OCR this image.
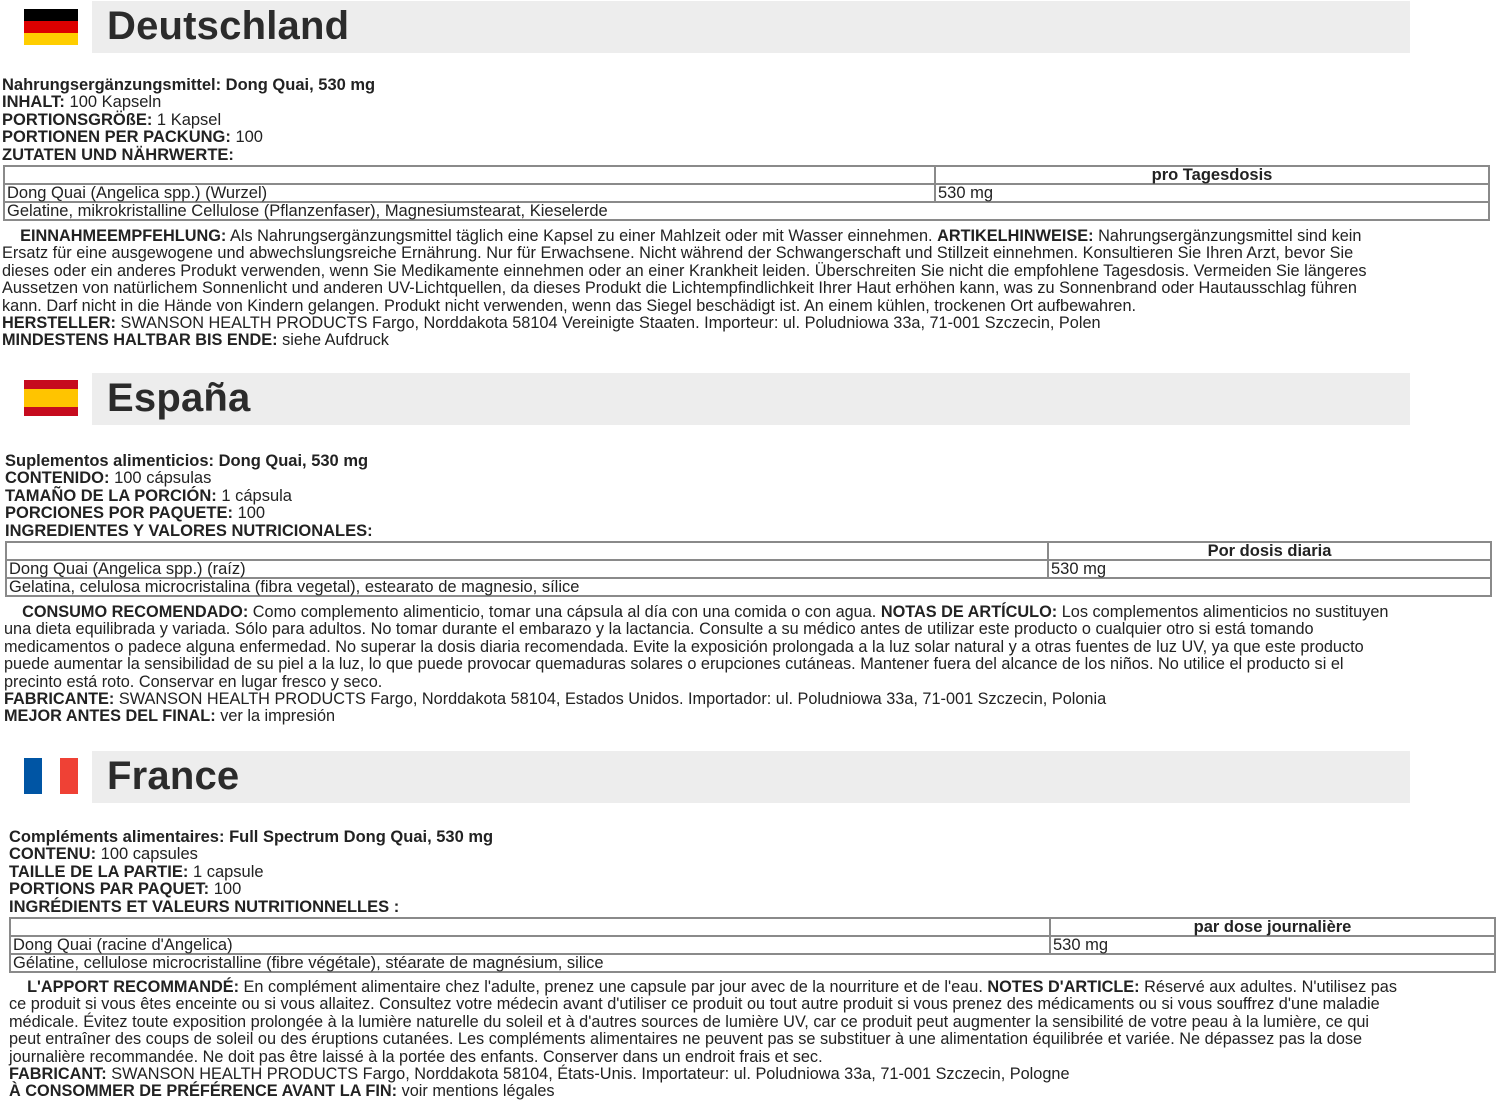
Deutschland
Nahrungsergänzungsmittel: Dong Quai, 530 mg
INHALT: 100 Kapseln
PORTIONSGRÖßE: 1 Kapsel
PORTIONEN PER PACKUNG: 100
ZUTATEN UND NÄHRWERTE:
	pro Tagesdosis
Dong Quai (Angelica spp.) (Wurzel)	530 mg
Gelatine, mikrokristalline Cellulose (Pflanzenfaser), Magnesiumstearat, Kieselerde	
EINNAHMEEMPFEHLUNG: Als Nahrungsergänzungsmittel täglich eine Kapsel zu einer Mahlzeit oder mit Wasser einnehmen. ARTIKELHINWEISE: Nahrungsergänzungsmittel sind kein
Ersatz für eine ausgewogene und abwechslungsreiche Ernährung. Nur für Erwachsene. Nicht während der Schwangerschaft und Stillzeit einnehmen. Konsultieren Sie Ihren Arzt, bevor Sie
dieses oder ein anderes Produkt verwenden, wenn Sie Medikamente einnehmen oder an einer Krankheit leiden. Überschreiten Sie nicht die empfohlene Tagesdosis. Vermeiden Sie längeres
Aussetzen von natürlichem Sonnenlicht und anderen UV-Lichtquellen, da dieses Produkt die Lichtempfindlichkeit Ihrer Haut erhöhen kann, was zu Sonnenbrand oder Hautausschlag führen
kann. Darf nicht in die Hände von Kindern gelangen. Produkt nicht verwenden, wenn das Siegel beschädigt ist. An einem kühlen, trockenen Ort aufbewahren.
HERSTELLER: SWANSON HEALTH PRODUCTS Fargo, Norddakota 58104 Vereinigte Staaten. Importeur: ul. Poludniowa 33a, 71-001 Szczecin, Polen
MINDESTENS HALTBAR BIS ENDE: siehe Aufdruck
España
Suplementos alimenticios: Dong Quai, 530 mg
CONTENIDO: 100 cápsulas
TAMAÑO DE LA PORCIÓN: 1 cápsula
PORCIONES POR PAQUETE: 100
INGREDIENTES Y VALORES NUTRICIONALES:
	Por dosis diaria
Dong Quai (Angelica spp.) (raíz)	530 mg
Gelatina, celulosa microcristalina (fibra vegetal), estearato de magnesio, sílice	
CONSUMO RECOMENDADO: Como complemento alimenticio, tomar una cápsula al día con una comida o con agua. NOTAS DE ARTÍCULO: Los complementos alimenticios no sustituyen
una dieta equilibrada y variada. Sólo para adultos. No tomar durante el embarazo y la lactancia. Consulte a su médico antes de utilizar este producto o cualquier otro si está tomando
medicamentos o padece alguna enfermedad. No superar la dosis diaria recomendada. Evite la exposición prolongada a la luz solar natural y a otras fuentes de luz UV, ya que este producto
puede aumentar la sensibilidad de su piel a la luz, lo que puede provocar quemaduras solares o erupciones cutáneas. Mantener fuera del alcance de los niños. No utilice el producto si el
precinto está roto. Conservar en lugar fresco y seco.
FABRICANTE: SWANSON HEALTH PRODUCTS Fargo, Norddakota 58104, Estados Unidos. Importador: ul. Poludniowa 33a, 71-001 Szczecin, Polonia
MEJOR ANTES DEL FINAL: ver la impresión
France
Compléments alimentaires: Full Spectrum Dong Quai, 530 mg
CONTENU: 100 capsules
TAILLE DE LA PARTIE: 1 capsule
PORTIONS PAR PAQUET: 100
INGRÉDIENTS ET VALEURS NUTRITIONNELLES :
	par dose journalière
Dong Quai (racine d'Angelica)	530 mg
Gélatine, cellulose microcristalline (fibre végétale), stéarate de magnésium, silice	
L'APPORT RECOMMANDÉ: En complément alimentaire chez l'adulte, prenez une capsule par jour avec de la nourriture et de l'eau. NOTES D'ARTICLE: Réservé aux adultes. N'utilisez pas
ce produit si vous êtes enceinte ou si vous allaitez. Consultez votre médecin avant d'utiliser ce produit ou tout autre produit si vous prenez des médicaments ou si vous souffrez d'une maladie
médicale. Évitez toute exposition prolongée à la lumière naturelle du soleil et à d'autres sources de lumière UV, car ce produit peut augmenter la sensibilité de votre peau à la lumière, ce qui
peut entraîner des coups de soleil ou des éruptions cutanées. Les compléments alimentaires ne peuvent pas se substituer à une alimentation équilibrée et variée. Ne dépassez pas la dose
journalière recommandée. Ne doit pas être laissé à la portée des enfants. Conserver dans un endroit frais et sec.
FABRICANT: SWANSON HEALTH PRODUCTS Fargo, Norddakota 58104, États-Unis. Importateur: ul. Poludniowa 33a, 71-001 Szczecin, Pologne
À CONSOMMER DE PRÉFÉRENCE AVANT LA FIN: voir mentions légales
